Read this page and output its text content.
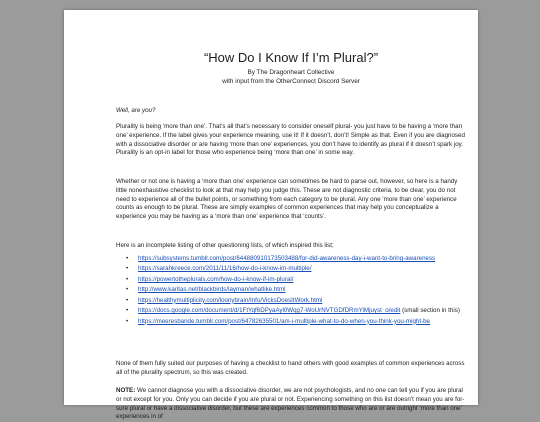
“How Do I Know If I’m Plural?”
By The Dragonheart Collective
with input from the OtherConnect Discord Server

Well, are you?

Plurality is being ‘more than one’. That’s all that’s necessary to consider oneself plural- you just have to be having a ‘more than one’ experience. If the label gives your experience meaning, use it! If it doesn’t, don’t! Simple as that. Even if you are diagnosed with a dissociative disorder or are having ‘more than one’ experiences, you don’t have to identify as plural if it doesn’t spark joy. Plurality is an opt-in label for those who experience being ‘more than one’ in some way.

Whether or not one is having a ‘more than one’ experience can sometimes be hard to parse out, however, so here is a handy little nonexhaustive checklist to look at that may help you judge this. These are not diagnostic criteria, to be clear, you do not need to experience all of the bullet points, or something from each category to be plural. Any one ‘more than one’ experience counts as enough to be plural. These are simply examples of common experiences that may help you conceptualize a experience you may be having as a ‘more than one’ experience that ‘counts’.

Here is an incomplete listing of other questioning lists, of which inspired this list;

• https://subsystems.tumblr.com/post/644880910173503488/for-did-awareness-day-i-want-to-bring-awareness
• https://sarahkreece.com/2011/11/16/how-do-i-know-im-multiple/
• https://powertotheplurals.com/how-do-i-know-if-im-plural/
• http://www.karitas.net/blackbirds/layman/whatlike.html
• https://healthymultiplicity.com/loonybrain/Info/VicksDoesItWork.html
• https://docs.google.com/document/d/1FtYqf6DPyaAyl0Wqg7-WoUrNVTGDfDRmYiMjuyst_o/edit (small section in this)
• https://meeresbande.tumblr.com/post/64782635501/am-i-multiple-what-to-do-when-you-think-you-might-be

None of them fully suited our purposes of having a checklist to hand others with good examples of common experiences across all of the plurality spectrum, so this was created.

NOTE: We cannot diagnose you with a dissociative disorder, we are not psychologists, and no one can tell you if you are plural or not except for you. Only you can decide if you are plural or not. Experiencing something on this list doesn’t mean you are for-sure plural or have a dissociative disorder, but these are experiences common to those who are or are outright ‘more than one’ experiences in of
